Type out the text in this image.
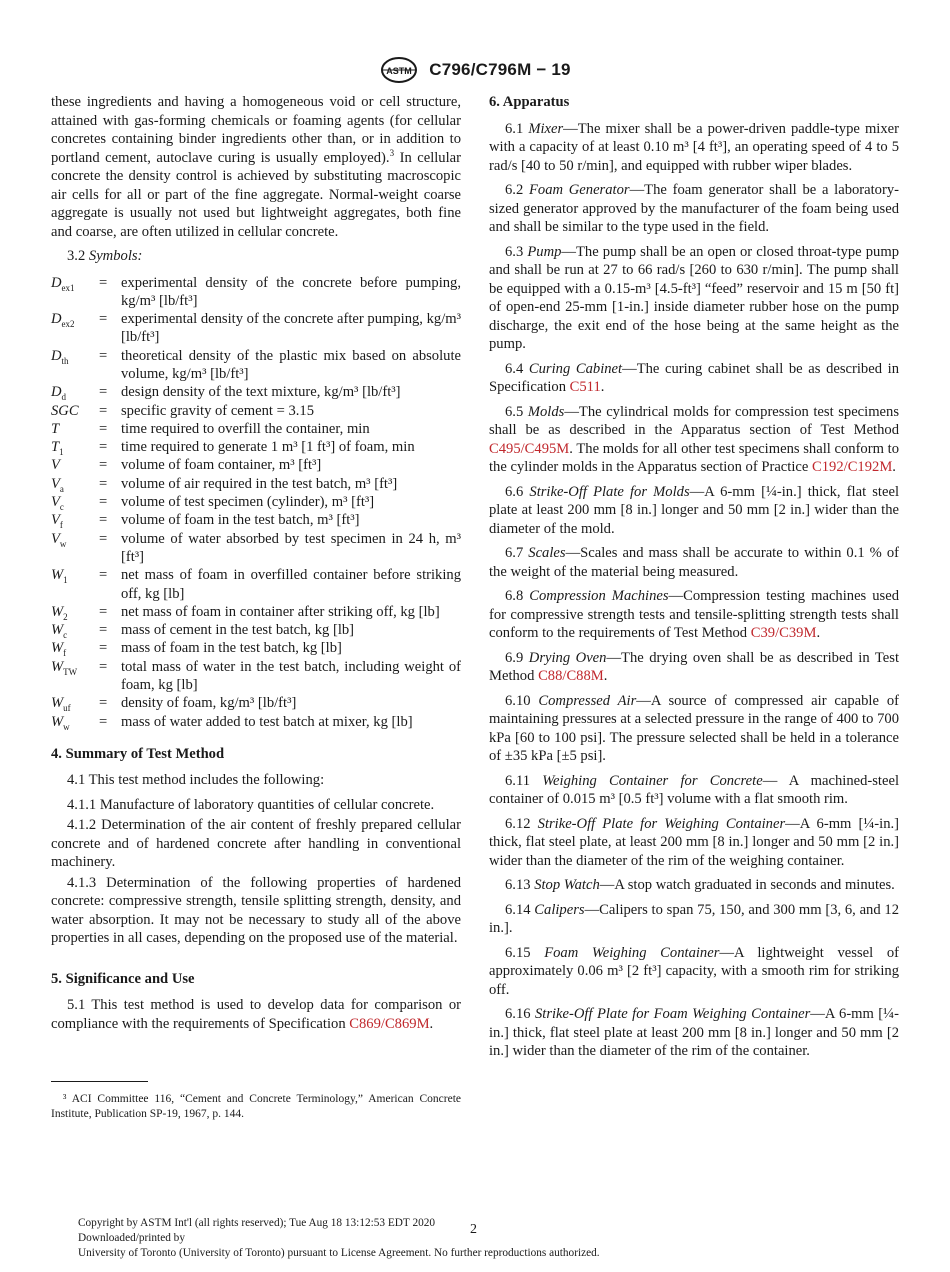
ASTM C796/C796M − 19

these ingredients and having a homogeneous void or cell structure, attained with gas-forming chemicals or foaming agents (for cellular concretes containing binder ingredients other than, or in addition to portland cement, autoclave curing is usually employed).$^3$ In cellular concrete the density control is achieved by substituting macroscopic air cells for all or part of the fine aggregate. Normal-weight coarse aggregate is usually not used but lightweight aggregates, both fine and coarse, are often utilized in cellular concrete.

3.2 Symbols:

$D_{ex1}$	=	experimental density of the concrete before pumping, kg/m³ [lb/ft³]
$D_{ex2}$	=	experimental density of the concrete after pumping, kg/m³ [lb/ft³]
$D_{th}$	=	theoretical density of the plastic mix based on absolute volume, kg/m³ [lb/ft³]
$D_d$	=	design density of the text mixture, kg/m³ [lb/ft³]
SGC	=	specific gravity of cement = 3.15
T	=	time required to overfill the container, min
$T_1$	=	time required to generate 1 m³ [1 ft³] of foam, min
V	=	volume of foam container, m³ [ft³]
$V_a$	=	volume of air required in the test batch, m³ [ft³]
$V_c$	=	volume of test specimen (cylinder), m³ [ft³]
$V_f$	=	volume of foam in the test batch, m³ [ft³]
$V_w$	=	volume of water absorbed by test specimen in 24 h, m³ [ft³]
$W_1$	=	net mass of foam in overfilled container before striking off, kg [lb]
$W_2$	=	net mass of foam in container after striking off, kg [lb]
$W_c$	=	mass of cement in the test batch, kg [lb]
$W_f$	=	mass of foam in the test batch, kg [lb]
$W_{TW}$	=	total mass of water in the test batch, including weight of foam, kg [lb]
$W_{uf}$	=	density of foam, kg/m³ [lb/ft³]
$W_w$	=	mass of water added to test batch at mixer, kg [lb]
4. Summary of Test Method

4.1 This test method includes the following:

4.1.1 Manufacture of laboratory quantities of cellular concrete.

4.1.2 Determination of the air content of freshly prepared cellular concrete and of hardened concrete after handling in conventional machinery.

4.1.3 Determination of the following properties of hardened concrete: compressive strength, tensile splitting strength, density, and water absorption. It may not be necessary to study all of the above properties in all cases, depending on the proposed use of the material.

5. Significance and Use

5.1 This test method is used to develop data for comparison or compliance with the requirements of Specification C869/C869M.

³ ACI Committee 116, “Cement and Concrete Terminology,” American Concrete Institute, Publication SP-19, 1967, p. 144.
6. Apparatus

6.1 Mixer—The mixer shall be a power-driven paddle-type mixer with a capacity of at least 0.10 m³ [4 ft³], an operating speed of 4 to 5 rad/s [40 to 50 r/min], and equipped with rubber wiper blades.

6.2 Foam Generator—The foam generator shall be a laboratory-sized generator approved by the manufacturer of the foam being used and shall be similar to the type used in the field.

6.3 Pump—The pump shall be an open or closed throat-type pump and shall be run at 27 to 66 rad/s [260 to 630 r/min]. The pump shall be equipped with a 0.15-m³ [4.5-ft³] “feed” reservoir and 15 m [50 ft] of open-end 25-mm [1-in.] inside diameter rubber hose on the pump discharge, the exit end of the hose being at the same height as the pump.

6.4 Curing Cabinet—The curing cabinet shall be as described in Specification C511.

6.5 Molds—The cylindrical molds for compression test specimens shall be as described in the Apparatus section of Test Method C495/C495M. The molds for all other test specimens shall conform to the cylinder molds in the Apparatus section of Practice C192/C192M.

6.6 Strike-Off Plate for Molds—A 6-mm [¼-in.] thick, flat steel plate at least 200 mm [8 in.] longer and 50 mm [2 in.] wider than the diameter of the mold.

6.7 Scales—Scales and mass shall be accurate to within 0.1 % of the weight of the material being measured.

6.8 Compression Machines—Compression testing machines used for compressive strength tests and tensile-splitting strength tests shall conform to the requirements of Test Method C39/C39M.

6.9 Drying Oven—The drying oven shall be as described in Test Method C88/C88M.

6.10 Compressed Air—A source of compressed air capable of maintaining pressures at a selected pressure in the range of 400 to 700 kPa [60 to 100 psi]. The pressure selected shall be held in a tolerance of ±35 kPa [±5 psi].

6.11 Weighing Container for Concrete— A machined-steel container of 0.015 m³ [0.5 ft³] volume with a flat smooth rim.

6.12 Strike-Off Plate for Weighing Container—A 6-mm [¼-in.] thick, flat steel plate, at least 200 mm [8 in.] longer and 50 mm [2 in.] wider than the diameter of the rim of the weighing container.

6.13 Stop Watch—A stop watch graduated in seconds and minutes.

6.14 Calipers—Calipers to span 75, 150, and 300 mm [3, 6, and 12 in.].

6.15 Foam Weighing Container—A lightweight vessel of approximately 0.06 m³ [2 ft³] capacity, with a smooth rim for striking off.

6.16 Strike-Off Plate for Foam Weighing Container—A 6-mm [¼-in.] thick, flat steel plate at least 200 mm [8 in.] longer and 50 mm [2 in.] wider than the diameter of the rim of the container.

Copyright by ASTM Int'l (all rights reserved); Tue Aug 18 13:12:53 EDT 2020
Downloaded/printed by
University of Toronto (University of Toronto) pursuant to License Agreement. No further reproductions authorized.
2
